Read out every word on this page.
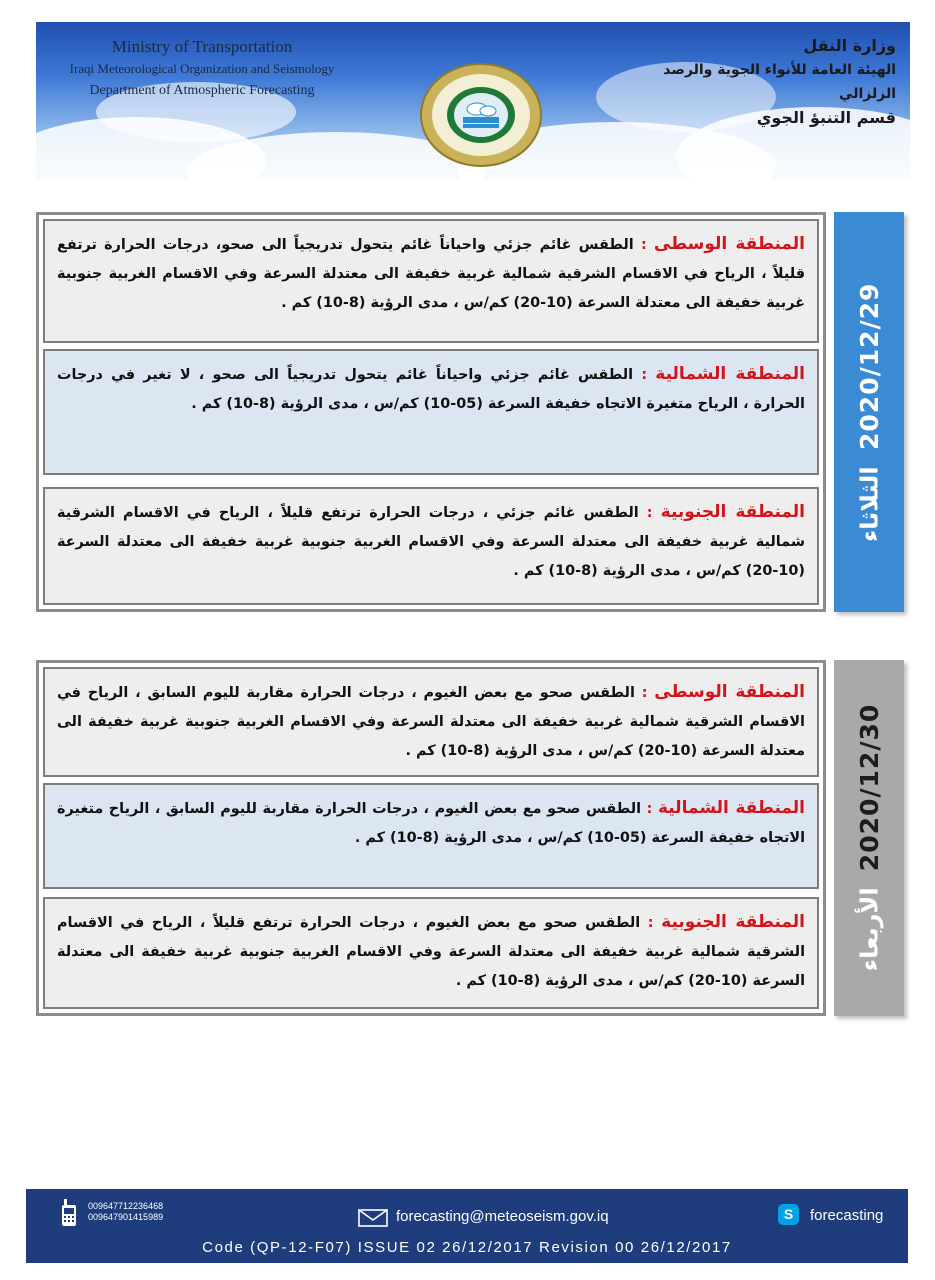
Ministry of Transportation
Iraqi Meteorological Organization and Seismology
Department of Atmospheric Forecasting
وزارة النقل
الهيئة العامة للأنواء الجوية والرصد الزلزالي
قسم التنبؤ الجوي
الثلاثاء
2020/12/29
المنطقة الوسطى : الطقس غائم جزئي واحياناً غائم يتحول تدريجياً الى صحو، درجات الحرارة ترتفع قليلاً ، الرياح في الاقسام الشرقية شمالية غربية خفيفة الى معتدلة السرعة وفي الاقسام الغربية جنوبية غربية خفيفة الى معتدلة السرعة (10-20) كم/س ، مدى الرؤية (8-10) كم .
المنطقة الشمالية : الطقس غائم جزئي واحياناً غائم يتحول تدريجياً الى صحو ، لا تغير في درجات الحرارة ، الرياح متغيرة الاتجاه خفيفة السرعة (05-10) كم/س ، مدى الرؤية (8-10) كم .
المنطقة الجنوبية : الطقس غائم جزئي ، درجات الحرارة ترتفع قليلاً ، الرياح في الاقسام الشرقية شمالية غربية خفيفة الى معتدلة السرعة وفي الاقسام الغربية جنوبية غربية خفيفة الى معتدلة السرعة (10-20) كم/س ، مدى الرؤية (8-10) كم .
الأربعاء
2020/12/30
المنطقة الوسطى : الطقس صحو مع بعض الغيوم ، درجات الحرارة مقاربة لليوم السابق ، الرياح في الاقسام الشرقية شمالية غربية خفيفة الى معتدلة السرعة وفي الاقسام الغربية جنوبية غربية خفيفة الى معتدلة السرعة (10-20) كم/س ، مدى الرؤية (8-10) كم .
المنطقة الشمالية : الطقس صحو مع بعض الغيوم ، درجات الحرارة مقاربة لليوم السابق ، الرياح متغيرة الاتجاه خفيفة السرعة (05-10) كم/س ، مدى الرؤية (8-10) كم .
المنطقة الجنوبية : الطقس صحو مع بعض الغيوم ، درجات الحرارة ترتفع قليلاً ، الرياح في الاقسام الشرقية شمالية غربية خفيفة الى معتدلة السرعة وفي الاقسام الغربية جنوبية غربية خفيفة الى معتدلة السرعة (10-20) كم/س ، مدى الرؤية (8-10) كم .
009647712236468
009647901415989	forecasting@meteoseism.gov.iq	S	forecasting
Code (QP-12-F07) ISSUE 02 26/12/2017 Revision 00 26/12/2017
